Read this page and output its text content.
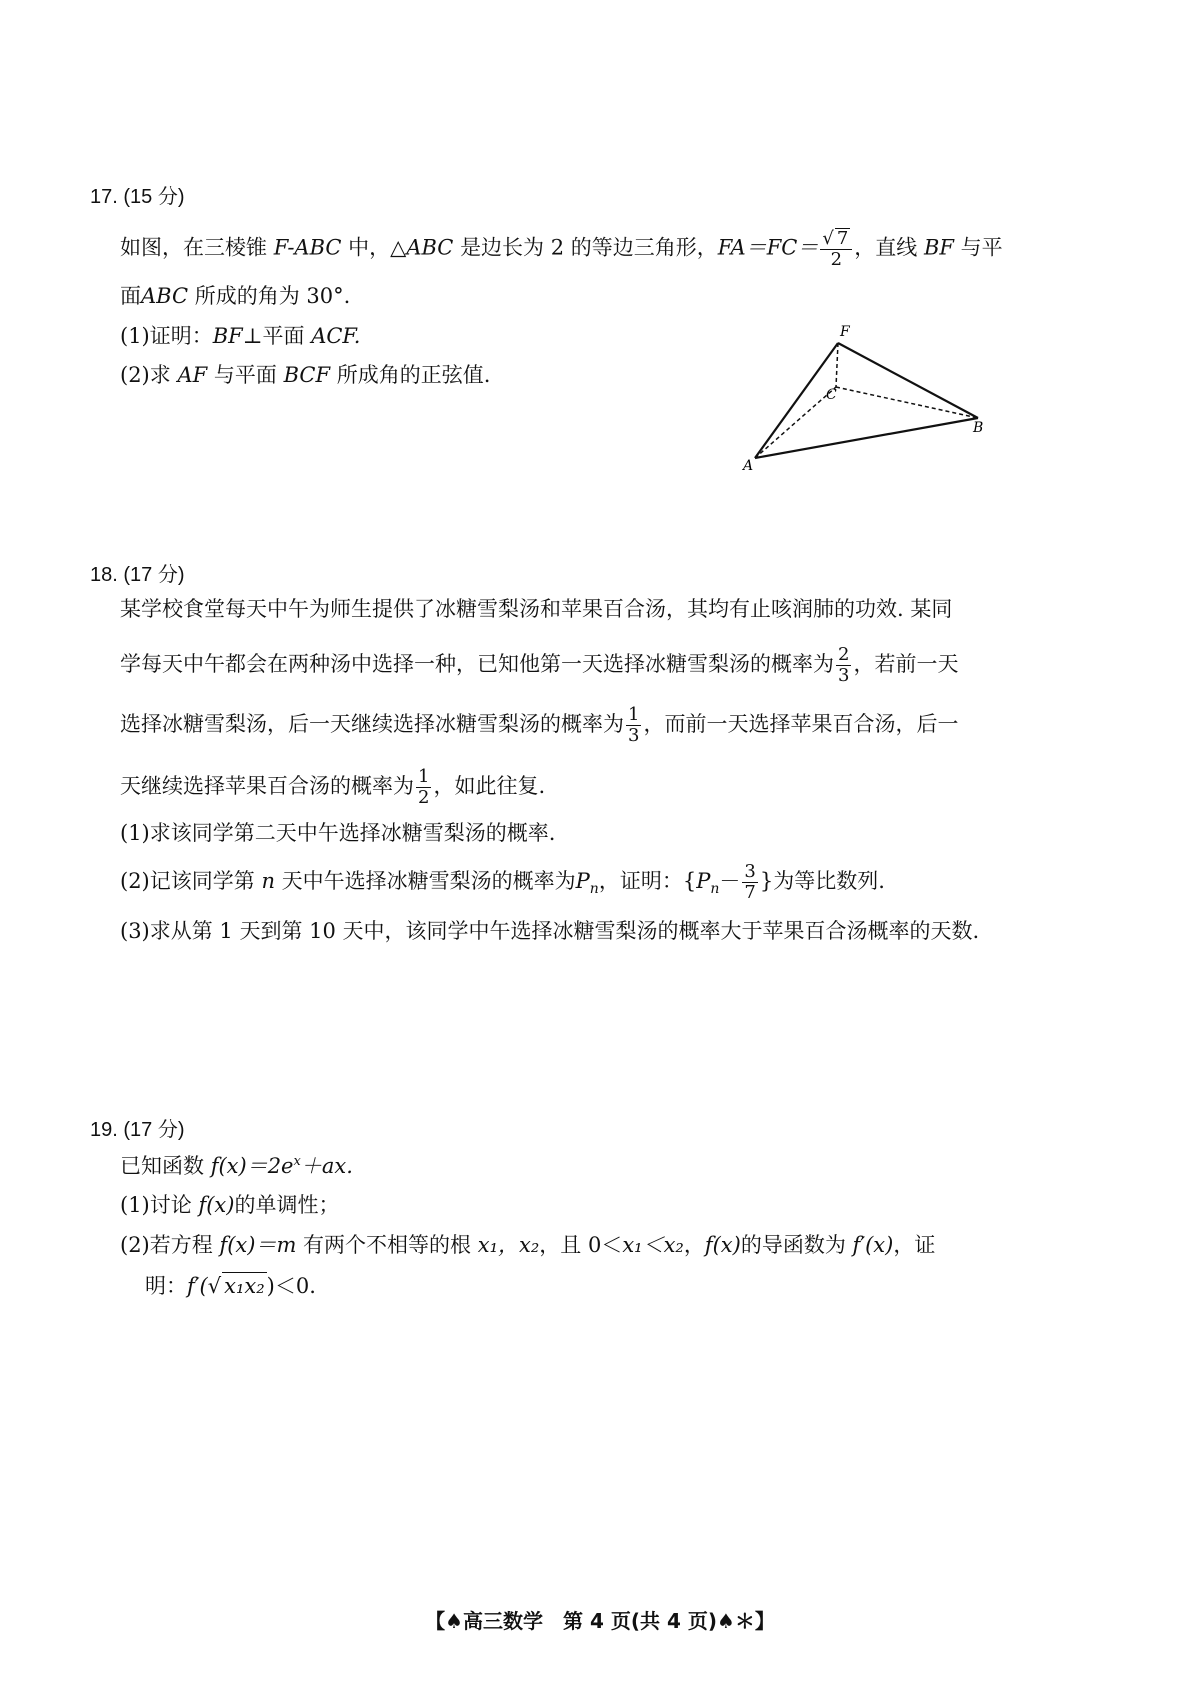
17. (15 分)
如图，在三棱锥 F-ABC 中，△ABC 是边长为 2 的等边三角形，$FA=FC= \frac{√ 7}{2}$ ，直线 BF 与平
面ABC 所成的角为 30°.
(1)证明：BF⊥平面 ACF.
(2)求 AF 与平面 BCF 所成角的正弦值.
F
C
B
A
18. (17 分)
某学校食堂每天中午为师生提供了冰糖雪梨汤和苹果百合汤，其均有止咳润肺的功效. 某同
学每天中午都会在两种汤中选择一种，已知他第一天选择冰糖雪梨汤的概率为 $\frac{2}{3}$ ，若前一天
选择冰糖雪梨汤，后一天继续选择冰糖雪梨汤的概率为 $\frac{1}{3}$ ，而前一天选择苹果百合汤，后一
天继续选择苹果百合汤的概率为 $\frac{1}{2}$ ，如此往复.
(1)求该同学第二天中午选择冰糖雪梨汤的概率.
(2)记该同学第 n 天中午选择冰糖雪梨汤的概率为$P_n$，证明：{$P_n- \frac{3}{7}$ }为等比数列.
(3)求从第 1 天到第 10 天中，该同学中午选择冰糖雪梨汤的概率大于苹果百合汤概率的天数.
19. (17 分)
已知函数 $f(x)=2e^x+ax$.
(1)讨论 f(x)的单调性；
(2)若方程 f(x)＝m 有两个不相等的根 x₁，x₂，且 0＜x₁＜x₂，f(x)的导函数为 f′(x)，证
明：f′(√ x₁x₂)＜0.
【♠高三数学　第 4 页(共 4 页)♠＊】
